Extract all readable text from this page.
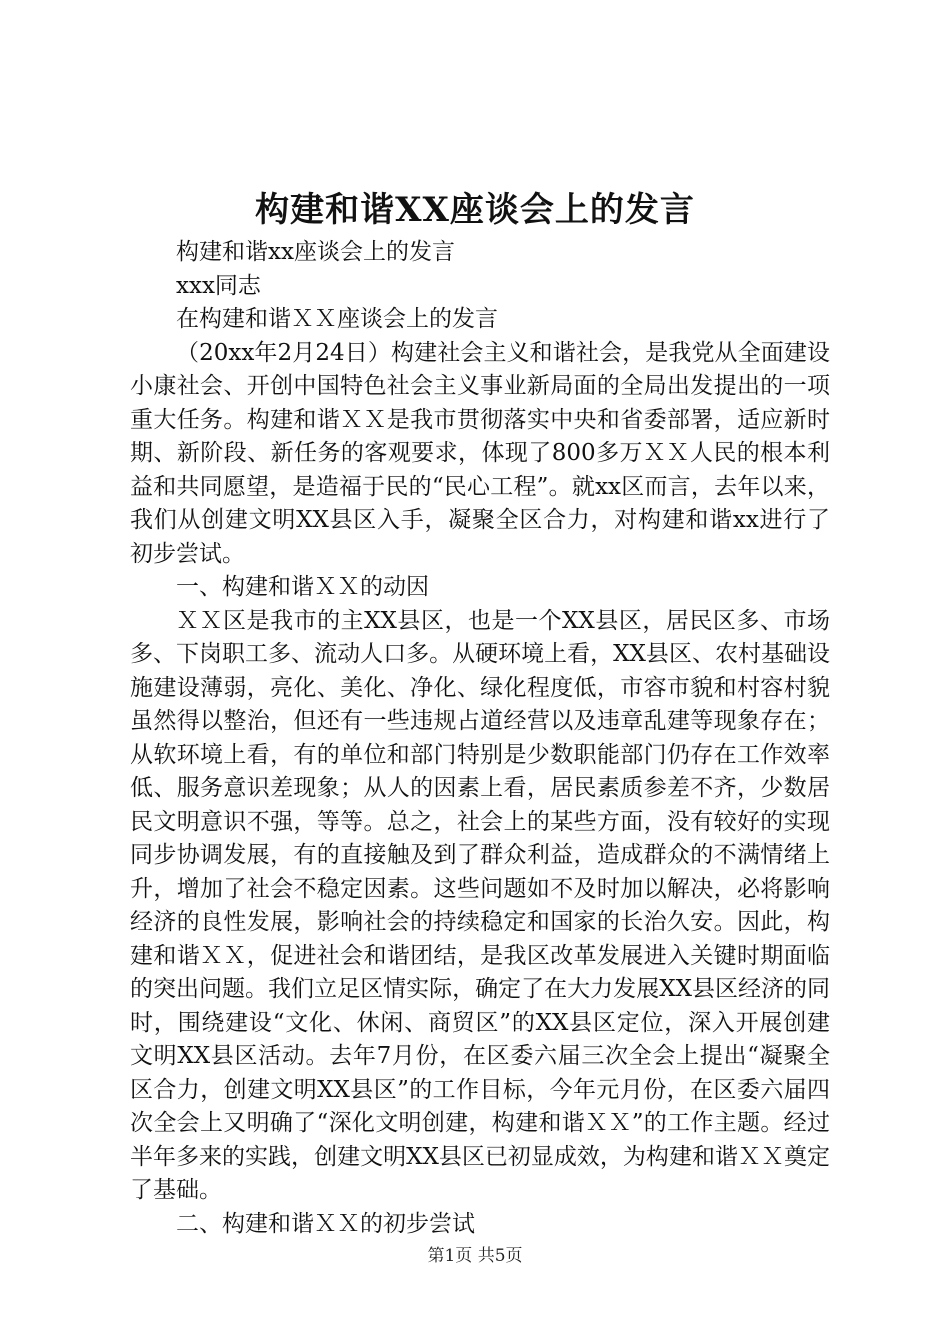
构建和谐XX座谈会上的发言

构建和谐xx座谈会上的发言

xxx同志

在构建和谐ＸＸ座谈会上的发言

（20xx年2月24日）构建社会主义和谐社会，是我党从全面建设小康社会、开创中国特色社会主义事业新局面的全局出发提出的一项重大任务。构建和谐ＸＸ是我市贯彻落实中央和省委部署，适应新时期、新阶段、新任务的客观要求，体现了800多万ＸＸ人民的根本利益和共同愿望，是造福于民的“民心工程”。就xx区而言，去年以来，我们从创建文明XX县区入手，凝聚全区合力，对构建和谐xx进行了初步尝试。

一、构建和谐ＸＸ的动因

ＸＸ区是我市的主XX县区，也是一个XX县区，居民区多、市场多、下岗职工多、流动人口多。从硬环境上看，XX县区、农村基础设施建设薄弱，亮化、美化、净化、绿化程度低，市容市貌和村容村貌虽然得以整治，但还有一些违规占道经营以及违章乱建等现象存在；从软环境上看，有的单位和部门特别是少数职能部门仍存在工作效率低、服务意识差现象；从人的因素上看，居民素质参差不齐，少数居民文明意识不强，等等。总之，社会上的某些方面，没有较好的实现同步协调发展，有的直接触及到了群众利益，造成群众的不满情绪上升，增加了社会不稳定因素。这些问题如不及时加以解决，必将影响经济的良性发展，影响社会的持续稳定和国家的长治久安。因此，构建和谐ＸＸ，促进社会和谐团结，是我区改革发展进入关键时期面临的突出问题。我们立足区情实际，确定了在大力发展XX县区经济的同时，围绕建设“文化、休闲、商贸区”的XX县区定位，深入开展创建文明XX县区活动。去年7月份，在区委六届三次全会上提出“凝聚全区合力，创建文明XX县区”的工作目标，今年元月份，在区委六届四次全会上又明确了“深化文明创建，构建和谐ＸＸ”的工作主题。经过半年多来的实践，创建文明XX县区已初显成效，为构建和谐ＸＸ奠定了基础。

二、构建和谐ＸＸ的初步尝试

第1页 共5页
